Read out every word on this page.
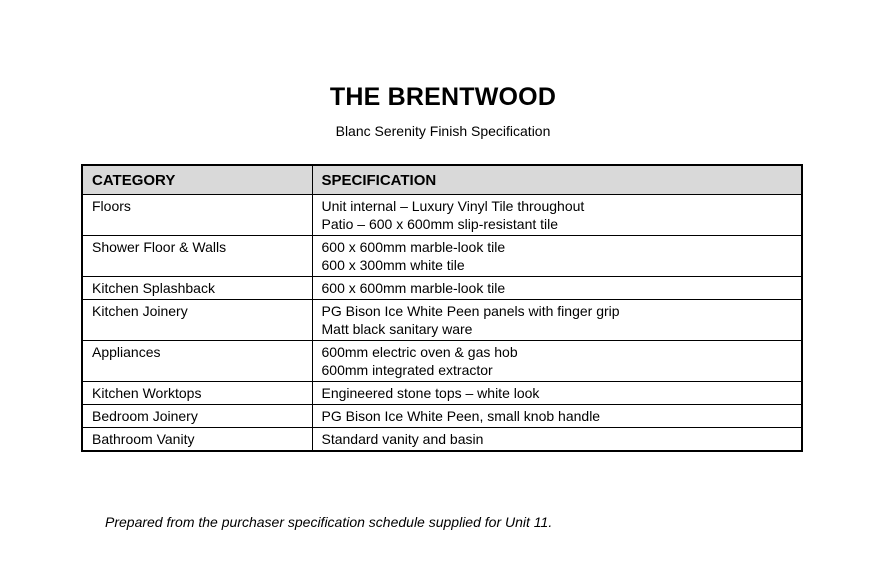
THE BRENTWOOD
Blanc Serenity Finish Specification
CATEGORY	SPECIFICATION
Floors	Unit internal – Luxury Vinyl Tile throughout
Patio – 600 x 600mm slip-resistant tile

Shower Floor & Walls	600 x 600mm marble-look tile
600 x 300mm white tile

Kitchen Splashback	600 x 600mm marble-look tile

Kitchen Joinery	PG Bison Ice White Peen panels with finger grip
Matt black sanitary ware

Appliances	600mm electric oven & gas hob
600mm integrated extractor

Kitchen Worktops	Engineered stone tops – white look

Bedroom Joinery	PG Bison Ice White Peen, small knob handle

Bathroom Vanity	Standard vanity and basin
Prepared from the purchaser specification schedule supplied for Unit 11.
